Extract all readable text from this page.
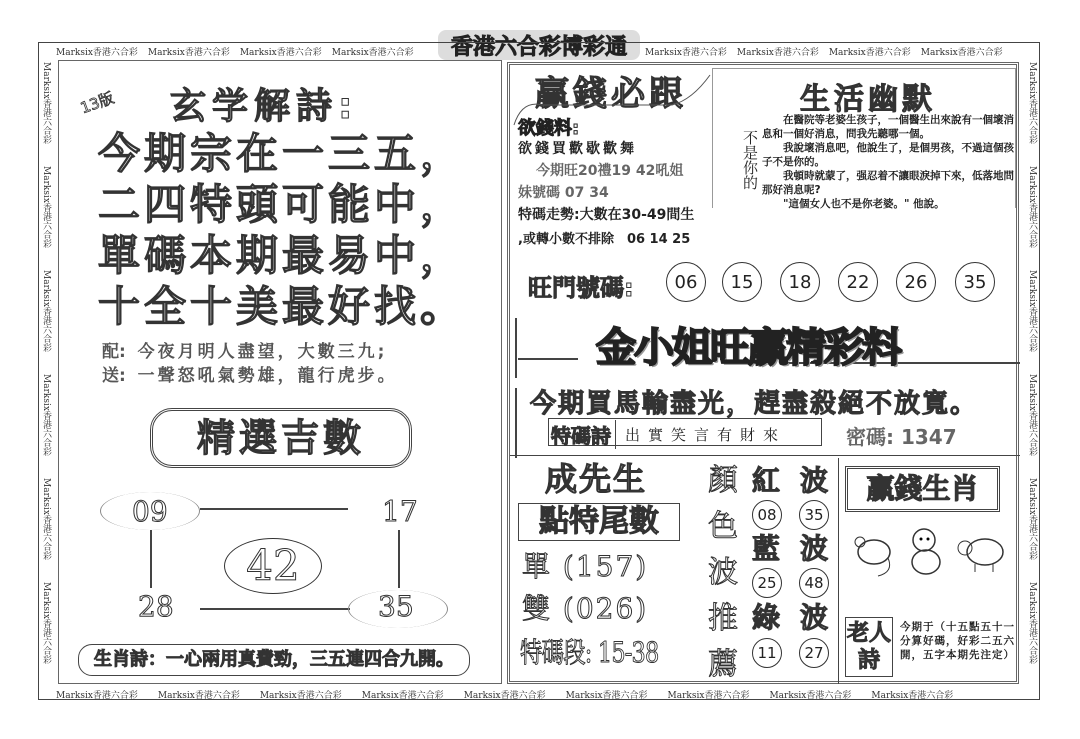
香港六合彩博彩通
Marksix香港六合彩 Marksix香港六合彩 Marksix香港六合彩 Marksix香港六合彩	Marksix香港六合彩 Marksix香港六合彩 Marksix香港六合彩 Marksix香港六合彩
Marksix香港六合彩 Marksix香港六合彩 Marksix香港六合彩 Marksix香港六合彩 Marksix香港六合彩 Marksix香港六合彩 Marksix香港六合彩 Marksix香港六合彩 Marksix香港六合彩
Marksix香港六合彩
Marksix香港六合彩
Marksix香港六合彩
Marksix香港六合彩
Marksix香港六合彩
Marksix香港六合彩
Marksix香港六合彩
Marksix香港六合彩
Marksix香港六合彩
Marksix香港六合彩
Marksix香港六合彩
Marksix香港六合彩
13版 玄学解詩:
今期宗在一三五，
二四特頭可能中，
單碼本期最易中，
十全十美最好找。
配: 今夜月明人盡望，大數三九;
送: 一聲怒吼氣勢雄，龍行虎步。
精選吉數
09	17
42
28	35
生肖詩：一心兩用真費勁，三五連四合九開。
贏錢必跟
欲錢料:
欲錢買歡歇歡舞
今期旺20禮19 42吼姐
妹號碼 07 34
特碼走勢:大數在30-49間生
,或轉小數不排除　06 14 25
不是你的
生活幽默
　　在醫院等老婆生孩子，一個醫生出來說有一個壞消息和一個好消息，問我先聽哪一個。
　　我說壞消息吧，他說生了，是個男孩，不過這個孩子不是你的。
　　我頓時就蒙了，强忍着不讓眼淚掉下來，低落地問那好消息呢?
　　"這個女人也不是你老婆。" 他說。
旺門號碼:	06	15	18	22	26	35
金小姐旺贏精彩料
今期買馬輸盡光，趕盡殺絕不放寬。
特碼詩 出實笑言有財來	密碼: 1347
成先生
點特尾數
單 (157)
雙 (026)
特碼段: 15-38
顏
色
波
推
薦
紅 波
08	35
藍 波
25	48
綠 波
11	27
贏錢生肖
老人詩
今期于（十五點五十一分算好碼，好彩二五六開，五字本期先注定）
